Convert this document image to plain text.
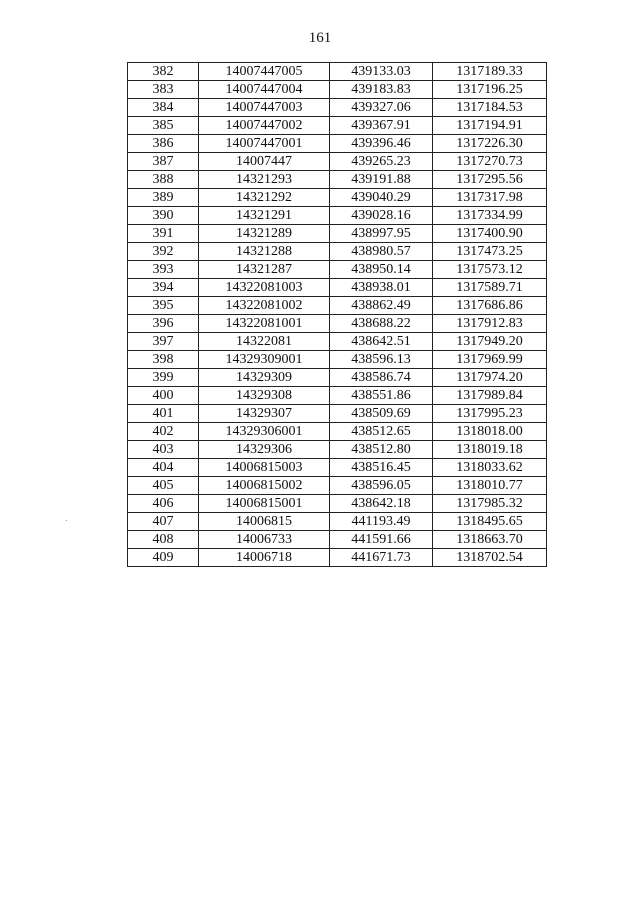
161
382	14007447005	439133.03	1317189.33
383	14007447004	439183.83	1317196.25
384	14007447003	439327.06	1317184.53
385	14007447002	439367.91	1317194.91
386	14007447001	439396.46	1317226.30
387	14007447	439265.23	1317270.73
388	14321293	439191.88	1317295.56
389	14321292	439040.29	1317317.98
390	14321291	439028.16	1317334.99
391	14321289	438997.95	1317400.90
392	14321288	438980.57	1317473.25
393	14321287	438950.14	1317573.12
394	14322081003	438938.01	1317589.71
395	14322081002	438862.49	1317686.86
396	14322081001	438688.22	1317912.83
397	14322081	438642.51	1317949.20
398	14329309001	438596.13	1317969.99
399	14329309	438586.74	1317974.20
400	14329308	438551.86	1317989.84
401	14329307	438509.69	1317995.23
402	14329306001	438512.65	1318018.00
403	14329306	438512.80	1318019.18
404	14006815003	438516.45	1318033.62
405	14006815002	438596.05	1318010.77
406	14006815001	438642.18	1317985.32
407	14006815	441193.49	1318495.65
408	14006733	441591.66	1318663.70
409	14006718	441671.73	1318702.54
